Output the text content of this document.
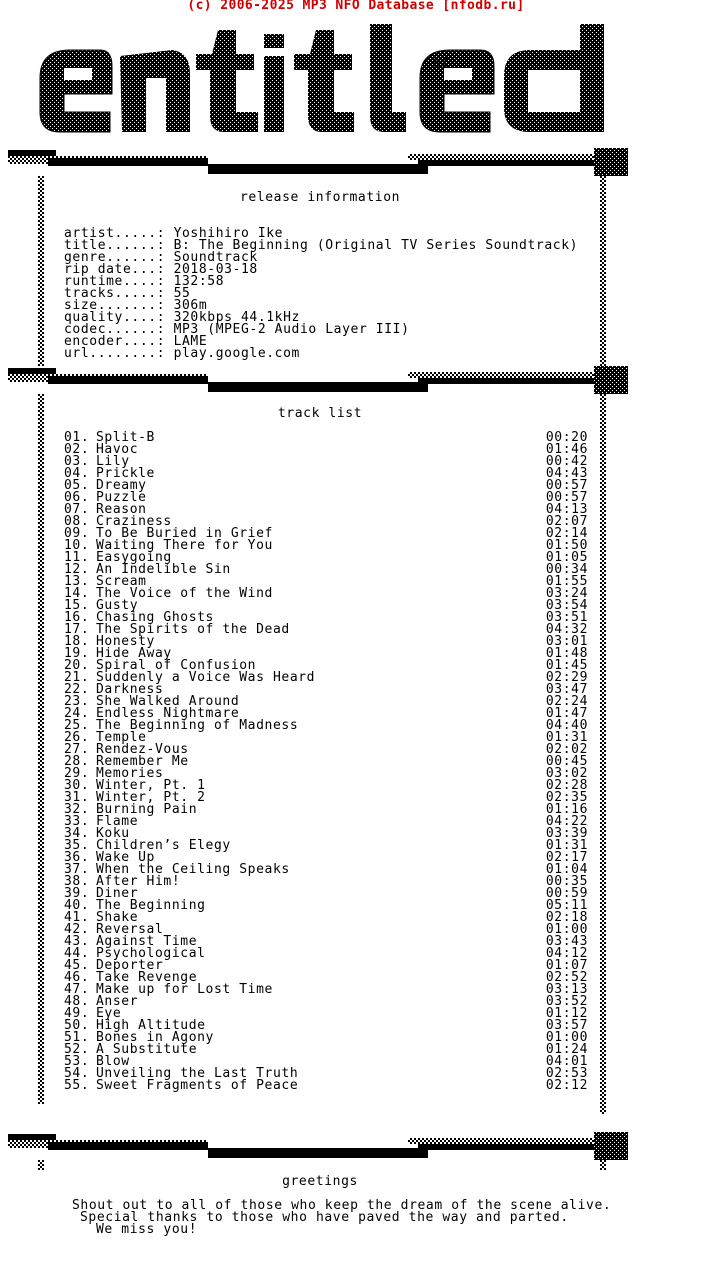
(c) 2006-2025 MP3 NFO Database [nfodb.ru]
hX!
release information
artist.....: Yoshihiro Ike
title......: B: The Beginning (Original TV Series Soundtrack)
genre......: Soundtrack
rip date...: 2018-03-18
runtime....: 132:58
tracks.....: 55
size.......: 306m
quality....: 320kbps 44.1kHz
codec......: MP3 (MPEG-2 Audio Layer III)
encoder....: LAME
url........: play.google.com
track list
01. Split-B	00:20
02. Havoc	01:46
03. Lily	00:42
04. Prickle	04:43
05. Dreamy	00:57
06. Puzzle	00:57
07. Reason	04:13
08. Craziness	02:07
09. To Be Buried in Grief	02:14
10. Waiting There for You	01:50
11. Easygoing	01:05
12. An Indelible Sin	00:34
13. Scream	01:55
14. The Voice of the Wind	03:24
15. Gusty	03:54
16. Chasing Ghosts	03:51
17. The Spirits of the Dead	04:32
18. Honesty	03:01
19. Hide Away	01:48
20. Spiral of Confusion	01:45
21. Suddenly a Voice Was Heard	02:29
22. Darkness	03:47
23. She Walked Around	02:24
24. Endless Nightmare	01:47
25. The Beginning of Madness	04:40
26. Temple	01:31
27. Rendez-Vous	02:02
28. Remember Me	00:45
29. Memories	03:02
30. Winter, Pt. 1	02:28
31. Winter, Pt. 2	02:35
32. Burning Pain	01:16
33. Flame	04:22
34. Koku	03:39
35. Children’s Elegy	01:31
36. Wake Up	02:17
37. When the Ceiling Speaks	01:04
38. After Him!	00:35
39. Diner	00:59
40. The Beginning	05:11
41. Shake	02:18
42. Reversal	01:00
43. Against Time	03:43
44. Psychological	04:12
45. Deporter	01:07
46. Take Revenge	02:52
47. Make up for Lost Time	03:13
48. Anser	03:52
49. Eye	01:12
50. High Altitude	03:57
51. Bones in Agony	01:00
52. A Substitute	01:24
53. Blow	04:01
54. Unveiling the Last Truth	02:53
55. Sweet Fragments of Peace	02:12
greetings
Shout out to all of those who keep the dream of the scene alive.
Special thanks to those who have paved the way and parted.
We miss you!
